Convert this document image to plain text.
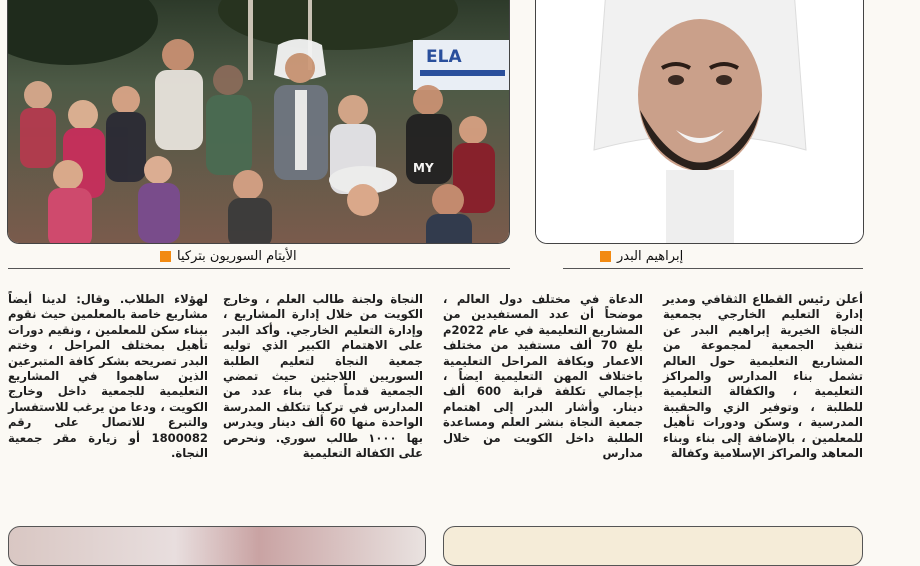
ELA
MY
الأيتام السوريون بتركيا	إبراهيم البدر

أعلن رئيس القطاع الثقافي ومدير إدارة التعليم الخارجي بجمعية النجاة الخيرية إبراهيم البدر عن تنفيذ الجمعية لمجموعة من المشاريع التعليمية حول العالم تشمل بناء المدارس والمراكز التعليمية ، والكفالة التعليمية للطلبة ، وتوفير الزي والحقيبة المدرسية ، وسكن ودورات تأهيل للمعلمين ، بالإضافة إلى بناء وبناء المعاهد والمراكز الإسلامية وكفالة

الدعاة في مختلف دول العالم ، موضحاً أن عدد المستفيدين من المشاريع التعليمية في عام 2022م بلغ 70 ألف مستفيد من مختلف الاعمار وبكافة المراحل التعليمية باختلاف المهن التعليمية ايضاً ، بإجمالي تكلفة قرابة 600 ألف دينار. وأشار البدر إلى اهتمام جمعية النجاة بنشر العلم ومساعدة الطلبة داخل الكويت من خلال مدارس

النجاة ولجنة طالب العلم ، وخارج الكويت من خلال إدارة المشاريع ، وإدارة التعليم الخارجي. وأكد البدر على الاهتمام الكبير الذي توليه جمعية النجاة لتعليم الطلبة السوريين اللاجئين حيث تمضي الجمعية قدماً في بناء عدد من المدارس في تركيا تتكلف المدرسة الواحدة منها 60 ألف دينار ويدرس بها ١٠٠٠ طالب سوري. ونحرص على الكفالة التعليمية

لهؤلاء الطلاب. وقال: لدينا أيضاً مشاريع خاصة بالمعلمين حيث نقوم ببناء سكن للمعلمين ، ونقيم دورات تأهيل بمختلف المراحل ، وختم البدر تصريحه بشكر كافة المتبرعين الذين ساهموا في المشاريع التعليمية للجمعية داخل وخارج الكويت ، ودعا من يرغب للاستفسار والتبرع للاتصال على رقم 1800082 أو زيارة مقر جمعية النجاة.
